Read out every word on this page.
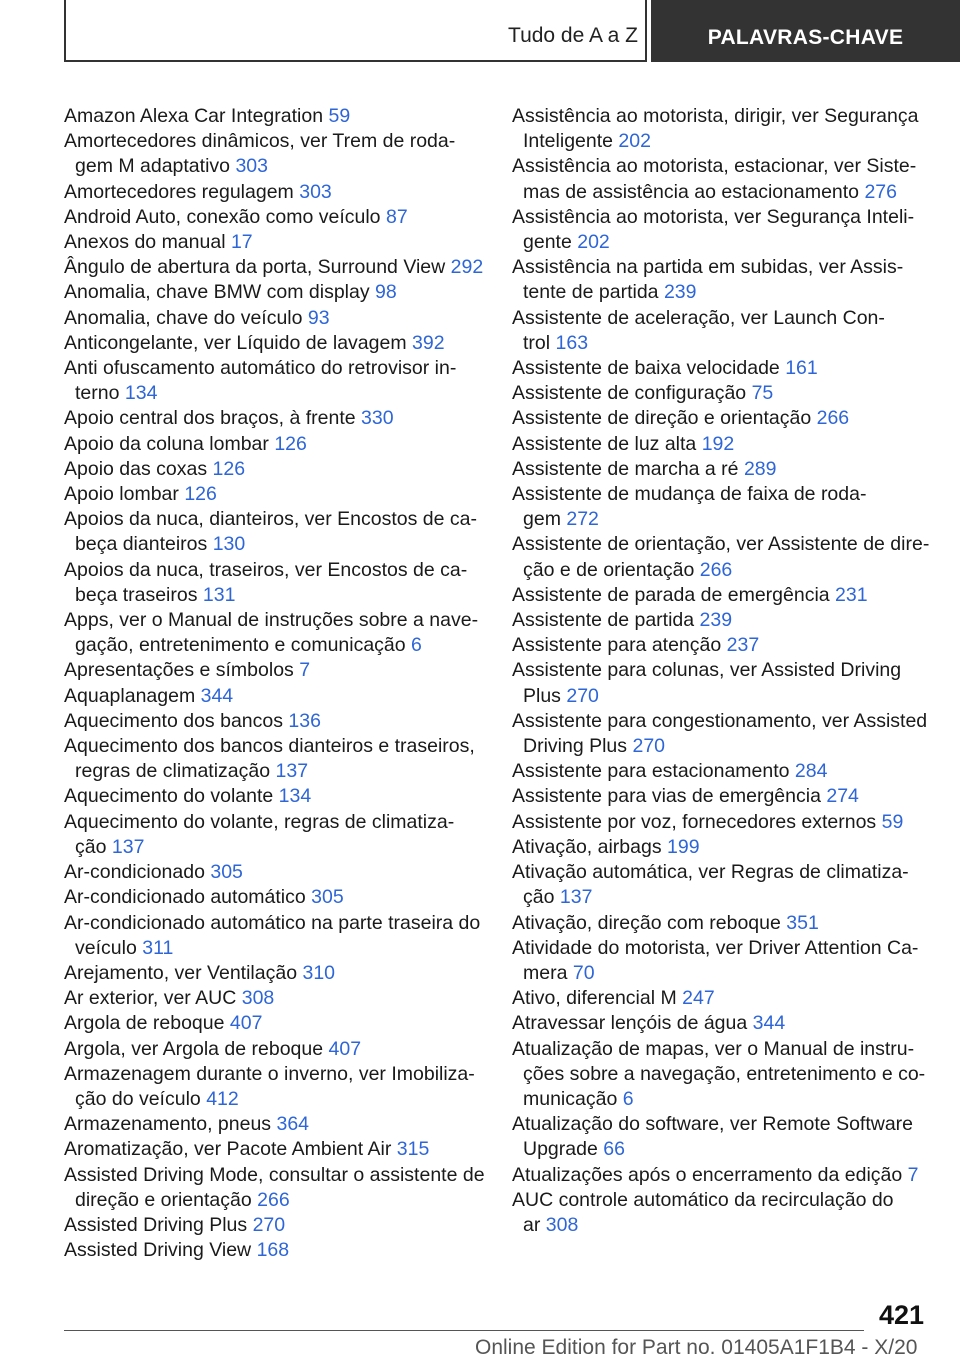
Tudo de A a Z	PALAVRAS-CHAVE
Amazon Alexa Car Integration 59
Amortecedores dinâmicos, ver Trem de roda-
gem M adaptativo 303
Amortecedores regulagem 303
Android Auto, conexão como veículo 87
Anexos do manual 17
Ângulo de abertura da porta, Surround View 292
Anomalia, chave BMW com display 98
Anomalia, chave do veículo 93
Anticongelante, ver Líquido de lavagem 392
Anti ofuscamento automático do retrovisor in-
terno 134
Apoio central dos braços, à frente 330
Apoio da coluna lombar 126
Apoio das coxas 126
Apoio lombar 126
Apoios da nuca, dianteiros, ver Encostos de ca-
beça dianteiros 130
Apoios da nuca, traseiros, ver Encostos de ca-
beça traseiros 131
Apps, ver o Manual de instruções sobre a nave-
gação, entretenimento e comunicação 6
Apresentações e símbolos 7
Aquaplanagem 344
Aquecimento dos bancos 136
Aquecimento dos bancos dianteiros e traseiros,
regras de climatização 137
Aquecimento do volante 134
Aquecimento do volante, regras de climatiza-
ção 137
Ar-condicionado 305
Ar-condicionado automático 305
Ar-condicionado automático na parte traseira do
veículo 311
Arejamento, ver Ventilação 310
Ar exterior, ver AUC 308
Argola de reboque 407
Argola, ver Argola de reboque 407
Armazenagem durante o inverno, ver Imobiliza-
ção do veículo 412
Armazenamento, pneus 364
Aromatização, ver Pacote Ambient Air 315
Assisted Driving Mode, consultar o assistente de
direção e orientação 266
Assisted Driving Plus 270
Assisted Driving View 168
Assistência ao motorista, dirigir, ver Segurança
Inteligente 202
Assistência ao motorista, estacionar, ver Siste-
mas de assistência ao estacionamento 276
Assistência ao motorista, ver Segurança Inteli-
gente 202
Assistência na partida em subidas, ver Assis-
tente de partida 239
Assistente de aceleração, ver Launch Con-
trol 163
Assistente de baixa velocidade 161
Assistente de configuração 75
Assistente de direção e orientação 266
Assistente de luz alta 192
Assistente de marcha a ré 289
Assistente de mudança de faixa de roda-
gem 272
Assistente de orientação, ver Assistente de dire-
ção e de orientação 266
Assistente de parada de emergência 231
Assistente de partida 239
Assistente para atenção 237
Assistente para colunas, ver Assisted Driving
Plus 270
Assistente para congestionamento, ver Assisted
Driving Plus 270
Assistente para estacionamento 284
Assistente para vias de emergência 274
Assistente por voz, fornecedores externos 59
Ativação, airbags 199
Ativação automática, ver Regras de climatiza-
ção 137
Ativação, direção com reboque 351
Atividade do motorista, ver Driver Attention Ca-
mera 70
Ativo, diferencial M 247
Atravessar lençóis de água 344
Atualização de mapas, ver o Manual de instru-
ções sobre a navegação, entretenimento e co-
municação 6
Atualização do software, ver Remote Software
Upgrade 66
Atualizações após o encerramento da edição 7
AUC controle automático da recirculação do
ar 308
421
Online Edition for Part no. 01405A1F1B4 - X/20
